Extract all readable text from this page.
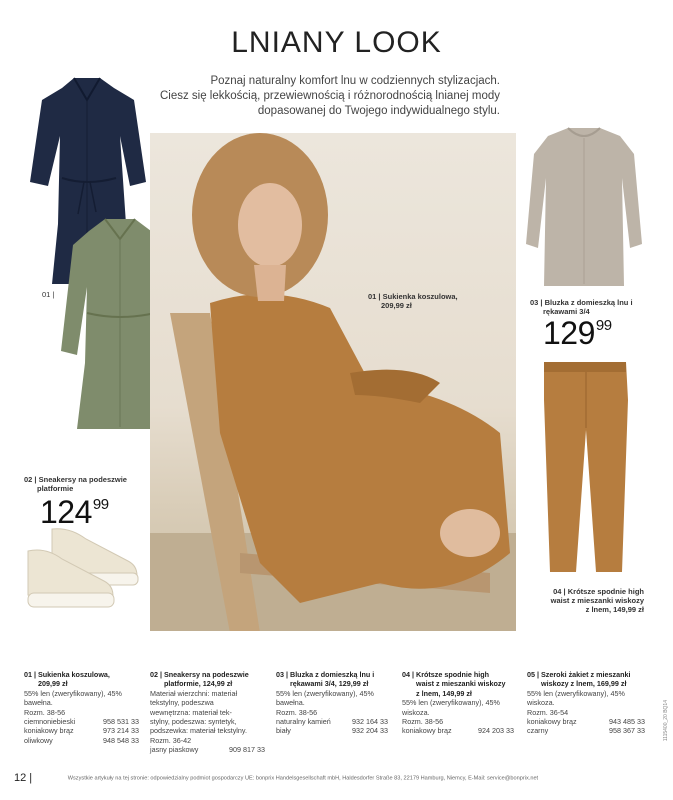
LNIANY LOOK
Poznaj naturalny komfort lnu w codziennych stylizacjach.
Ciesz się lekkością, przewiewnością i różnorodnością lnianej mody
dopasowanej do Twojego indywidualnego stylu.
01 |	01 | Sukienka koszulowa,
209,99 zł	03 | Bluzka z domieszką lnu i
rękawami 3/4
$129^{99}$
04 | Krótsze spodnie high
waist z mieszanki wiskozy
z lnem, 149,99 zł
02 | Sneakersy na podeszwie
platformie
$124^{99}$
01 | Sukienka koszulowa,
209,99 zł
55% len (zweryfikowany), 45%
bawełna.
Rozm. 38-56
ciemnoniebieski	958 531 33
koniakowy brąz	973 214 33
oliwkowy	948 548 33
02 | Sneakersy na podeszwie
platformie, 124,99 zł
Materiał wierzchni: materiał
tekstylny, podeszwa
wewnętrzna: materiał tek-
stylny, podeszwa: syntetyk,
podszewka: materiał tekstylny.
Rozm. 36-42
jasny piaskowy	909 817 33
03 | Bluzka z domieszką lnu i
rękawami 3/4, 129,99 zł
55% len (zweryfikowany), 45%
bawełna.
Rozm. 38-56
naturalny kamień	932 164 33
biały	932 204 33
04 | Krótsze spodnie high
waist z mieszanki wiskozy
z lnem, 149,99 zł
55% len (zweryfikowany), 45%
wiskoza.
Rozm. 38-56
koniakowy brąz	924 203 33
05 | Szeroki żakiet z mieszanki
wiskozy z lnem, 169,99 zł
55% len (zweryfikowany), 45%
wiskoza.
Rozm. 36-54
koniakowy brąz	943 485 33
czarny	958 367 33
12 |	Wszystkie artykuły na tej stronie: odpowiedzialny podmiot gospodarczy UE: bonprix Handelsgesellschaft mbH, Haldesdorfer Straße 83, 22179 Hamburg, Niemcy, E-Mail: service@bonprix.net
1115400_20 BQ14
